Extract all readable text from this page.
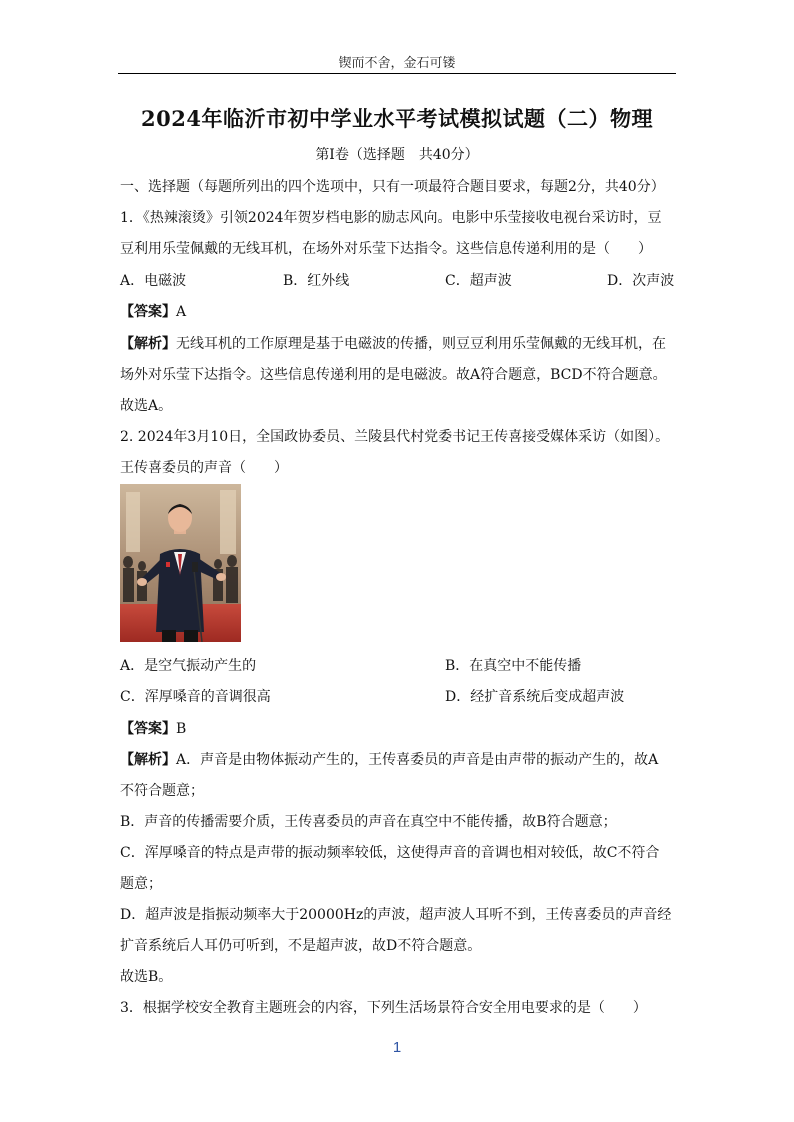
锲而不舍，金石可镂
2024年临沂市初中学业水平考试模拟试题（二）物理
第Ⅰ卷（选择题　共40分）
一、选择题（每题所列出的四个选项中，只有一项最符合题目要求，每题2分，共40分）
1．《热辣滚烫》引领2024年贺岁档电影的励志风向。电影中乐莹接收电视台采访时，豆
豆利用乐莹佩戴的无线耳机，在场外对乐莹下达指令。这些信息传递利用的是（　　）
A．电磁波	B．红外线	C．超声波	D．次声波
【答案】A
【解析】无线耳机的工作原理是基于电磁波的传播，则豆豆利用乐莹佩戴的无线耳机，在
场外对乐莹下达指令。这些信息传递利用的是电磁波。故A符合题意，BCD不符合题意。
故选A。
2. 2024年3月10日，全国政协委员、兰陵县代村党委书记王传喜接受媒体采访（如图）。
王传喜委员的声音（　　）
A．是空气振动产生的	B．在真空中不能传播
C．浑厚嗓音的音调很高	D．经扩音系统后变成超声波
【答案】B
【解析】A．声音是由物体振动产生的，王传喜委员的声音是由声带的振动产生的，故A
不符合题意；
B．声音的传播需要介质，王传喜委员的声音在真空中不能传播，故B符合题意；
C．浑厚嗓音的特点是声带的振动频率较低，这使得声音的音调也相对较低，故C不符合
题意；
D．超声波是指振动频率大于20000Hz的声波，超声波人耳听不到，王传喜委员的声音经
扩音系统后人耳仍可听到，不是超声波，故D不符合题意。
故选B。
3．根据学校安全教育主题班会的内容，下列生活场景符合安全用电要求的是（　　）
1
